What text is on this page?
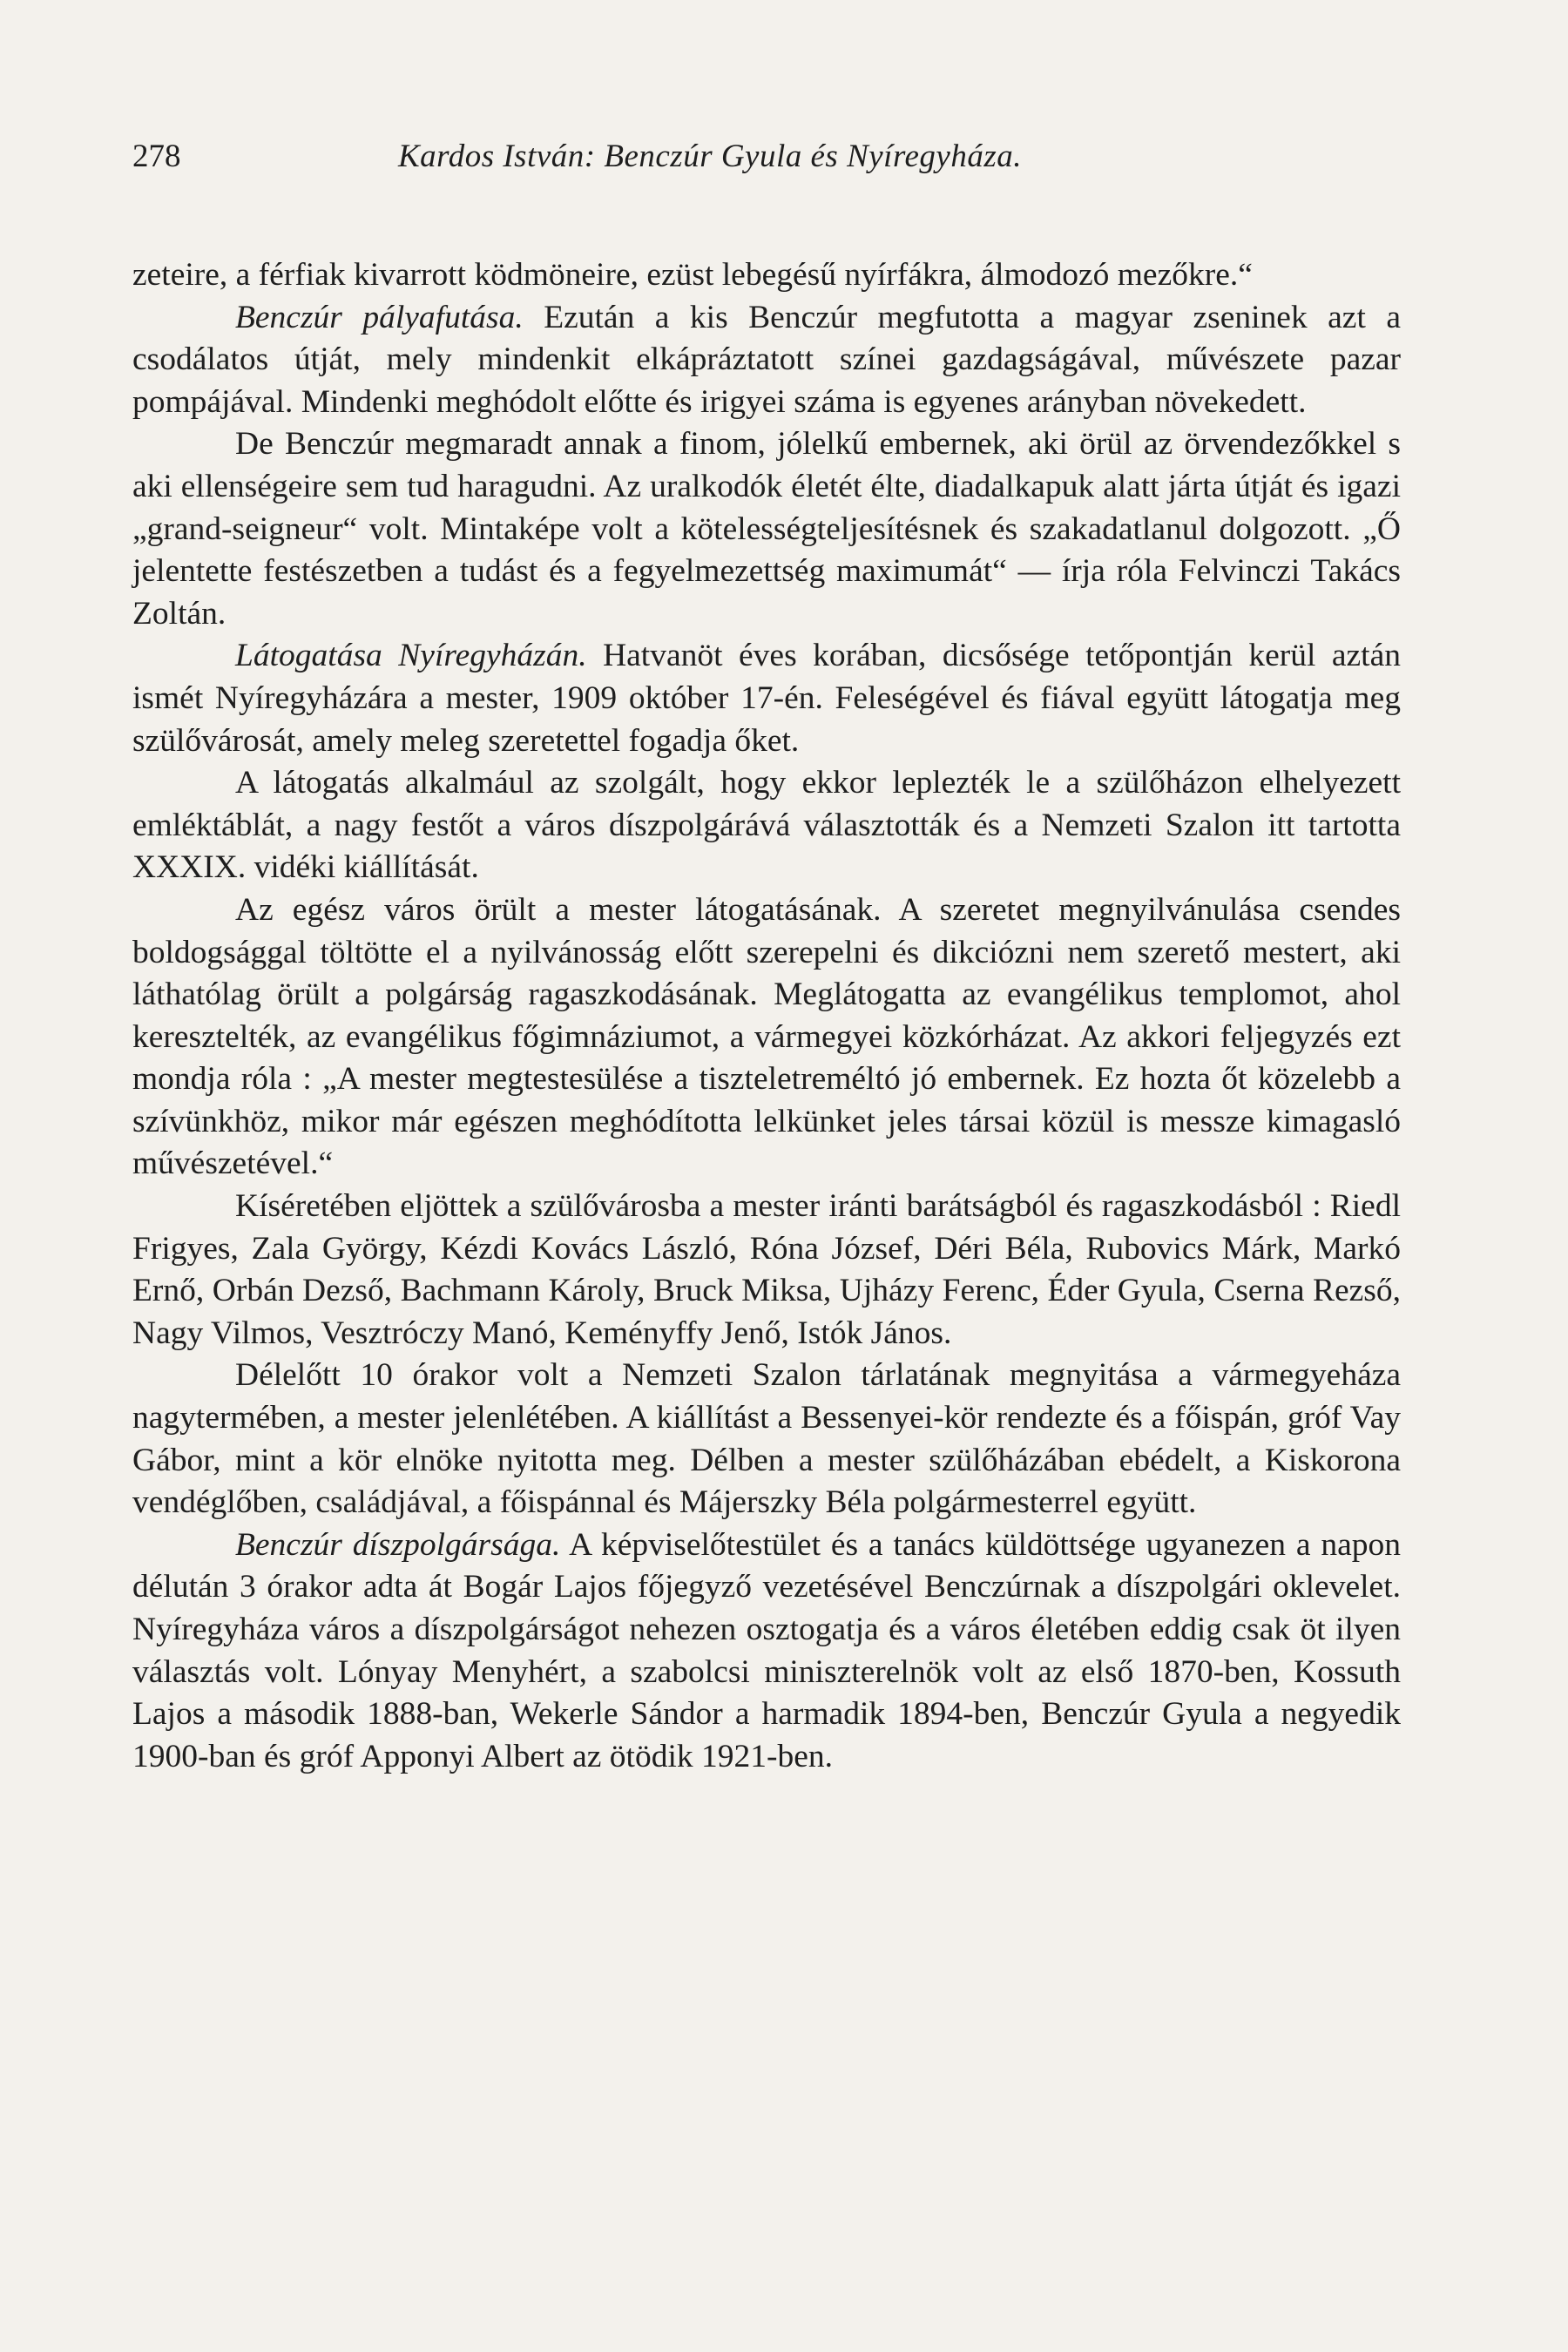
278	Kardos István: Benczúr Gyula és Nyíregyháza.

zeteire, a férfiak kivarrott ködmöneire, ezüst lebegésű nyírfákra, álmodozó mezőkre.“

Benczúr pályafutása. Ezután a kis Benczúr megfutotta a magyar zseninek azt a csodálatos útját, mely mindenkit elkápráztatott színei gazdagságával, művészete pazar pompájával. Mindenki meghódolt előtte és irigyei száma is egyenes arányban növekedett.

De Benczúr megmaradt annak a finom, jólelkű embernek, aki örül az örvendezőkkel s aki ellenségeire sem tud haragudni. Az uralkodók életét élte, diadalkapuk alatt járta útját és igazi „grand-seigneur“ volt. Mintaképe volt a kötelességteljesítésnek és szakadatlanul dolgozott. „Ő jelentette festészetben a tudást és a fegyelmezettség maximumát“ — írja róla Felvinczi Takács Zoltán.

Látogatása Nyíregyházán. Hatvanöt éves korában, dicsősége tetőpontján kerül aztán ismét Nyíregyházára a mester, 1909 október 17-én. Feleségével és fiával együtt látogatja meg szülővárosát, amely meleg szeretettel fogadja őket.

A látogatás alkalmául az szolgált, hogy ekkor leplezték le a szülőházon elhelyezett emléktáblát, a nagy festőt a város díszpolgárává választották és a Nemzeti Szalon itt tartotta XXXIX. vidéki kiállítását.

Az egész város örült a mester látogatásának. A szeretet megnyilvánulása csendes boldogsággal töltötte el a nyilvánosság előtt szerepelni és dikciózni nem szerető mestert, aki láthatólag örült a polgárság ragaszkodásának. Meglátogatta az evangélikus templomot, ahol keresztelték, az evangélikus főgimnáziumot, a vármegyei közkórházat. Az akkori feljegyzés ezt mondja róla : „A mester megtestesülése a tiszteletreméltó jó embernek. Ez hozta őt közelebb a szívünkhöz, mikor már egészen meghódította lelkünket jeles társai közül is messze kimagasló művészetével.“

Kíséretében eljöttek a szülővárosba a mester iránti barátságból és ragaszkodásból : Riedl Frigyes, Zala György, Kézdi Kovács László, Róna József, Déri Béla, Rubovics Márk, Markó Ernő, Orbán Dezső, Bachmann Károly, Bruck Miksa, Ujházy Ferenc, Éder Gyula, Cserna Rezső, Nagy Vilmos, Vesztróczy Manó, Keményffy Jenő, Istók János.

Délelőtt 10 órakor volt a Nemzeti Szalon tárlatának megnyitása a vármegyeháza nagytermében, a mester jelenlétében. A kiállítást a Bessenyei-kör rendezte és a főispán, gróf Vay Gábor, mint a kör elnöke nyitotta meg. Délben a mester szülőházában ebédelt, a Kiskorona vendéglőben, családjával, a főispánnal és Májerszky Béla polgármesterrel együtt.

Benczúr díszpolgársága. A képviselőtestület és a tanács küldöttsége ugyanezen a napon délután 3 órakor adta át Bogár Lajos főjegyző vezetésével Benczúrnak a díszpolgári oklevelet. Nyíregyháza város a díszpolgárságot nehezen osztogatja és a város életében eddig csak öt ilyen választás volt. Lónyay Menyhért, a szabolcsi miniszterelnök volt az első 1870-ben, Kossuth Lajos a második 1888-ban, Wekerle Sándor a harmadik 1894-ben, Benczúr Gyula a negyedik 1900-ban és gróf Apponyi Albert az ötödik 1921-ben.
